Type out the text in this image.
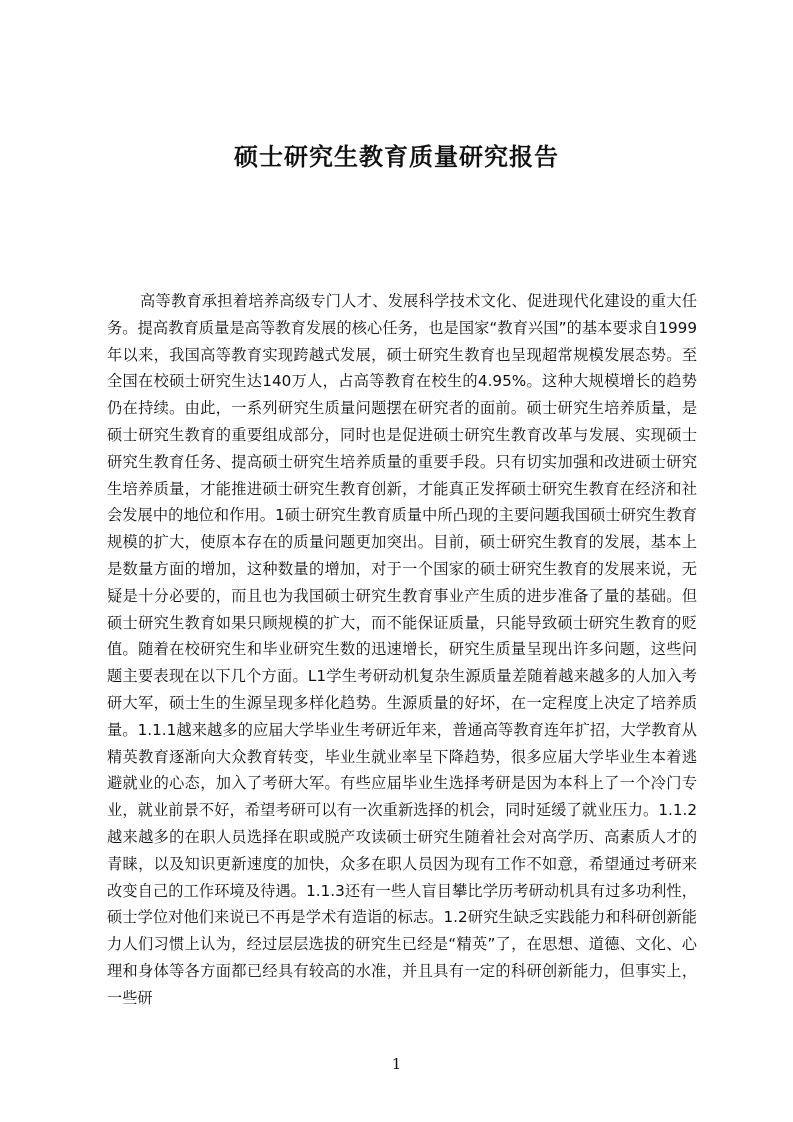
硕士研究生教育质量研究报告

高等教育承担着培养高级专门人才、发展科学技术文化、促进现代化建设的重大任务。提高教育质量是高等教育发展的核心任务，也是国家“教育兴国”的基本要求自1999年以来，我国高等教育实现跨越式发展，硕士研究生教育也呈现超常规模发展态势。至全国在校硕士研究生达140万人，占高等教育在校生的4.95%。这种大规模增长的趋势仍在持续。由此，一系列研究生质量问题摆在研究者的面前。硕士研究生培养质量，是硕士研究生教育的重要组成部分，同时也是促进硕士研究生教育改革与发展、实现硕士研究生教育任务、提高硕士研究生培养质量的重要手段。只有切实加强和改进硕士研究生培养质量，才能推进硕士研究生教育创新，才能真正发挥硕士研究生教育在经济和社会发展中的地位和作用。1硕士研究生教育质量中所凸现的主要问题我国硕士研究生教育规模的扩大，使原本存在的质量问题更加突出。目前，硕士研究生教育的发展，基本上是数量方面的增加，这种数量的增加，对于一个国家的硕士研究生教育的发展来说，无疑是十分必要的，而且也为我国硕士研究生教育事业产生质的进步准备了量的基础。但硕士研究生教育如果只顾规模的扩大，而不能保证质量，只能导致硕士研究生教育的贬值。随着在校研究生和毕业研究生数的迅速增长，研究生质量呈现出许多问题，这些问题主要表现在以下几个方面。L1学生考研动机复杂生源质量差随着越来越多的人加入考研大军，硕士生的生源呈现多样化趋势。生源质量的好坏，在一定程度上决定了培养质量。1.1.1越来越多的应届大学毕业生考研近年来，普通高等教育连年扩招，大学教育从精英教育逐渐向大众教育转变，毕业生就业率呈下降趋势，很多应届大学毕业生本着逃避就业的心态，加入了考研大军。有些应届毕业生选择考研是因为本科上了一个冷门专业，就业前景不好，希望考研可以有一次重新选择的机会，同时延缓了就业压力。1.1.2越来越多的在职人员选择在职或脱产攻读硕士研究生随着社会对高学历、高素质人才的青睐，以及知识更新速度的加快，众多在职人员因为现有工作不如意，希望通过考研来改变自己的工作环境及待遇。1.1.3还有一些人盲目攀比学历考研动机具有过多功利性，硕士学位对他们来说已不再是学术有造诣的标志。1.2研究生缺乏实践能力和科研创新能力人们习惯上认为，经过层层选拔的研究生已经是“精英”了，在思想、道德、文化、心理和身体等各方面都已经具有较高的水准，并且具有一定的科研创新能力，但事实上，一些研

1
